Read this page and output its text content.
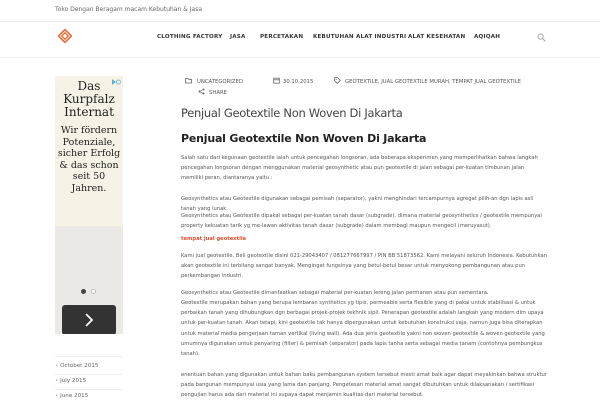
Toko Dengan Beragam macam Kebutuhan & Jasa
CLOTHING FACTORY JASA	PERCETAKAN KEBUTUHAN ALAT INDUSTRI ALAT KESEHATAN AQIQAH
Das Kurpfalz Internat
Wir fördern Potenziale, sicher Erfolg & das schon seit 50 Jahren.
• October 2015
• July 2015
• June 2015
UNCATEGORIZED	30.10.2015	GEOTEXTILE, JUAL GEOTEXTILE MURAH, TEMPAT JUAL GEOTEXTILE
SHARE
Penjual Geotextile Non Woven Di Jakarta
Penjual Geotextile Non Woven Di Jakarta

Salah satu dari kegunaan geotextile ialah untuk pencegahan longsoran, ada beberapa eksperimen yang memperlihatkan bahwa langkah pencegahan longsoran dengan menggunakan material geosynthetic atau pun geotextile di jalan sebagai per-kuatan timbunan jalan memiliki peran, diantaranya yaitu :

Geosynthetics atau Geotextile digunakan sebagai pemisah (separator), yakni menghindari tercampurnya agregat pilih-an dgn lapis asli tanah yang lunak.

Geosynthetics atau Geotextile dipakai sebagai per-kuatan tanah dasar (subgrade), dimana material geosynthetics / geotextile mempunyai property kekuatan tarik yg me-lawan aktivitas tanah dasar (subgrade) dalam membagi maupun mengecil (meruyasut).

tempat jual geotextile

Kami jual geotextile, Beli geotextile disini 021-29043407 / 081277667997 / PIN BB 51873562. Kami melayani seluruh Indonesia. Kebutuhkan akan geotextile ini terbilang sangat banyak. Mengingat fungsinya yang betul-betul besar untuk menyokong pembangunan atau pun perkembangan industri.

Geosynthetics atau Geotextile dimanfaatkan sebagai material per-kuatan lereng jalan permanen atau pun sementara.

Geotextile merupakan bahan yang berupa lembaran synthetics yg tipis, permeable serta flexible yang di pakai untuk stabilisasi & untuk perbaikan tanah yang dihubungkan dgn berbagai projek-projek tekhnik sipil. Penerapan geotextile adalah langkah yang modern dlm upaya untuk per-kuatan tanah. Akan tetapi, kini geotextile tak hanya dipergunakan untuk kebutuhan konstruksi saja, namun juga bisa diterapkan untuk material media pengerjaan taman vertikal (living wall). Ada dua jenis geotextile yakni non woven geotextile & woven geotextile yang umumnya digunakan untuk penyaring (filter) & pemisah (separator) pada lapis tanha serta sebagai media tanam (contohnya pembungkus tanah).

enentuan bahan yang digunakan untuk bahan baku pembangunan system tersebut mesti amat baik agar dapat meyakinkan bahwa struktur pada bangunan mempunyai usia yang lama dan panjang. Pengetesan material amat sangat dibutuhkan untuk dilaksanakan / sertifikasi pengujian harus ada dari material ini supaya dapat menjamin kualitas dari material tersebut.
